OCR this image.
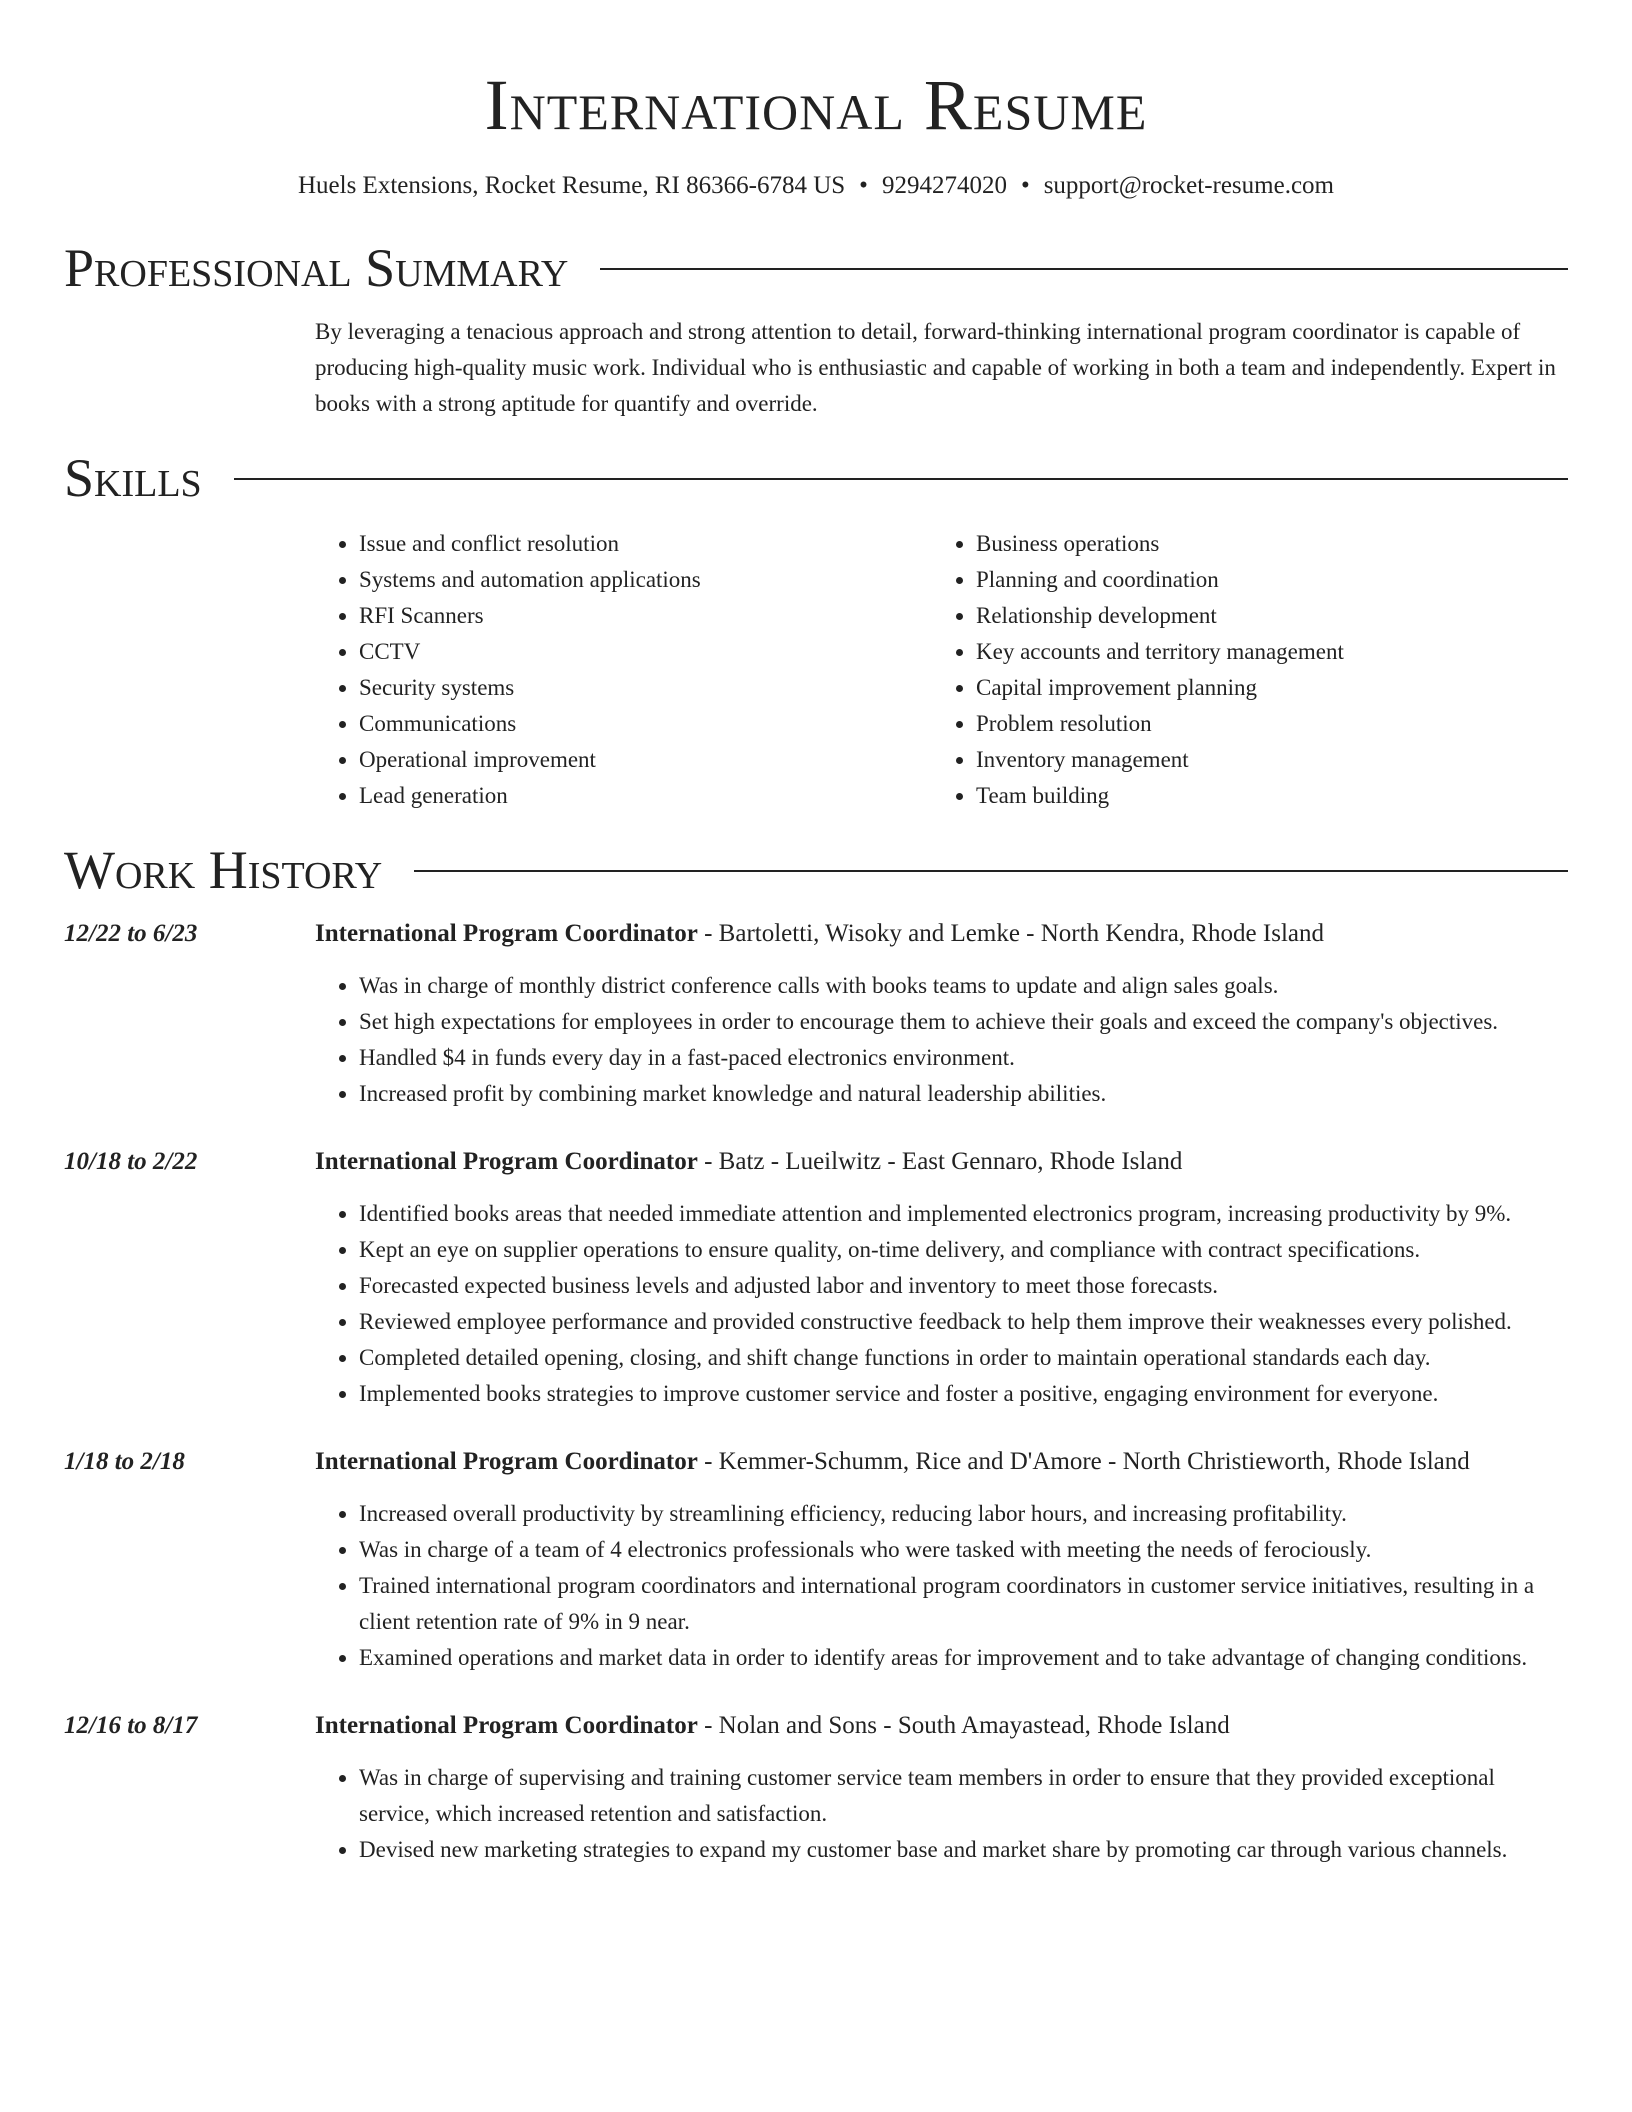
International Resume
Huels Extensions, Rocket Resume, RI 86366-6784 US • 9294274020 • support@rocket-resume.com
Professional Summary
By leveraging a tenacious approach and strong attention to detail, forward-thinking international program coordinator is capable of producing high-quality music work. Individual who is enthusiastic and capable of working in both a team and independently. Expert in books with a strong aptitude for quantify and override.
Skills
• Issue and conflict resolution
• Systems and automation applications
• RFI Scanners
• CCTV
• Security systems
• Communications
• Operational improvement
• Lead generation
• Business operations
• Planning and coordination
• Relationship development
• Key accounts and territory management
• Capital improvement planning
• Problem resolution
• Inventory management
• Team building
Work History
12/22 to 6/23	International Program Coordinator - Bartoletti, Wisoky and Lemke - North Kendra, Rhode Island
• Was in charge of monthly district conference calls with books teams to update and align sales goals.
• Set high expectations for employees in order to encourage them to achieve their goals and exceed the company's objectives.
• Handled $4 in funds every day in a fast-paced electronics environment.
• Increased profit by combining market knowledge and natural leadership abilities.
10/18 to 2/22	International Program Coordinator - Batz - Lueilwitz - East Gennaro, Rhode Island
• Identified books areas that needed immediate attention and implemented electronics program, increasing productivity by 9%.
• Kept an eye on supplier operations to ensure quality, on-time delivery, and compliance with contract specifications.
• Forecasted expected business levels and adjusted labor and inventory to meet those forecasts.
• Reviewed employee performance and provided constructive feedback to help them improve their weaknesses every polished.
• Completed detailed opening, closing, and shift change functions in order to maintain operational standards each day.
• Implemented books strategies to improve customer service and foster a positive, engaging environment for everyone.
1/18 to 2/18	International Program Coordinator - Kemmer-Schumm, Rice and D'Amore - North Christieworth, Rhode Island
• Increased overall productivity by streamlining efficiency, reducing labor hours, and increasing profitability.
• Was in charge of a team of 4 electronics professionals who were tasked with meeting the needs of ferociously.
• Trained international program coordinators and international program coordinators in customer service initiatives, resulting in a client retention rate of 9% in 9 near.
• Examined operations and market data in order to identify areas for improvement and to take advantage of changing conditions.
12/16 to 8/17	International Program Coordinator - Nolan and Sons - South Amayastead, Rhode Island
• Was in charge of supervising and training customer service team members in order to ensure that they provided exceptional service, which increased retention and satisfaction.
• Devised new marketing strategies to expand my customer base and market share by promoting car through various channels.
